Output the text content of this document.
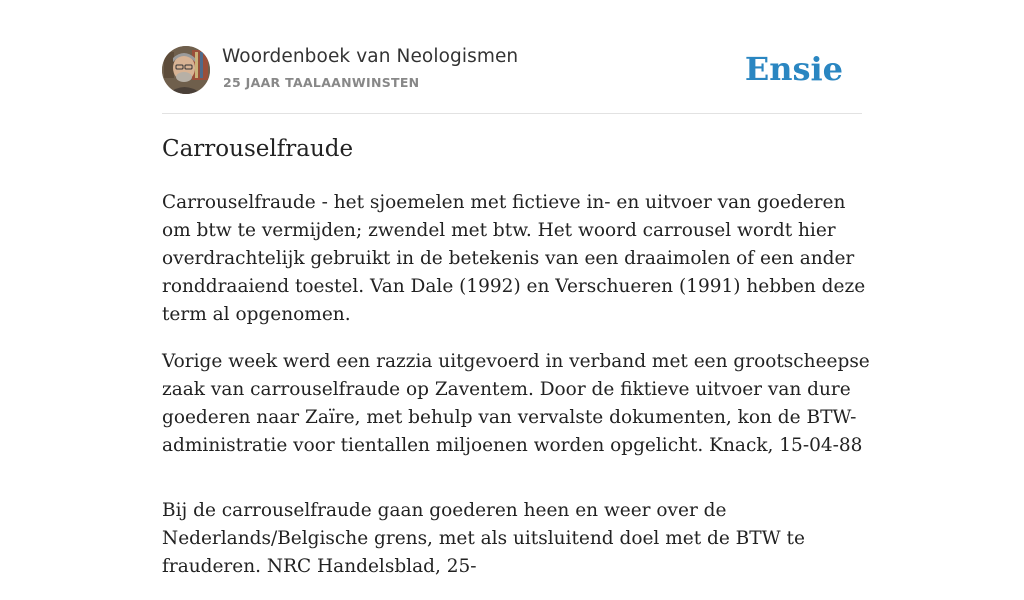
Woordenboek van Neologismen
25 JAAR TAALAANWINSTEN	Ensie
Carrouselfraude

Carrouselfraude - het sjoemelen met fictieve in- en uitvoer van goederen om btw te vermijden; zwendel met btw. Het woord carrousel wordt hier overdrachtelijk gebruikt in de betekenis van een draaimolen of een ander ronddraaiend toestel. Van Dale (1992) en Verschueren (1991) hebben deze term al opgenomen.

Vorige week werd een razzia uitgevoerd in verband met een grootscheepse zaak van carrouselfraude op Zaventem. Door de fiktieve uitvoer van dure goederen naar Zaïre, met behulp van vervalste dokumenten, kon de BTW-administratie voor tientallen miljoenen worden opgelicht. Knack, 15-04-88

Bij de carrouselfraude gaan goederen heen en weer over de Nederlands/Belgische grens, met als uitsluitend doel met de BTW te frauderen. NRC Handelsblad, 25-
